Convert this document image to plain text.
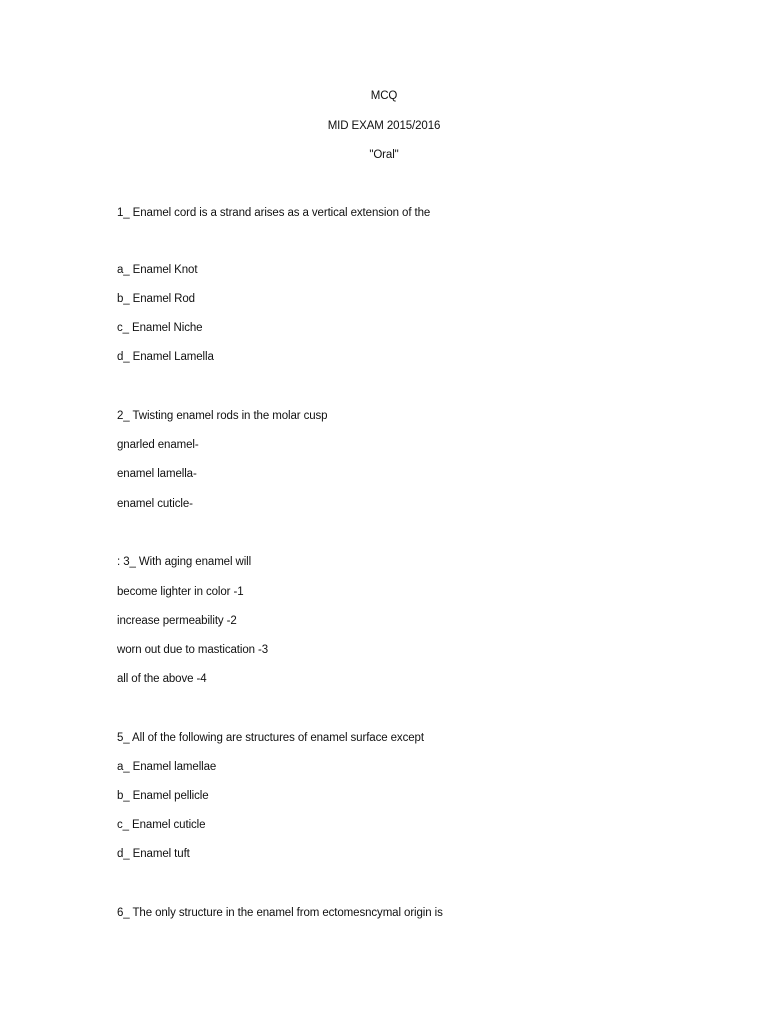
MCQ
MID EXAM 2015/2016
"Oral"
1_ Enamel cord is a strand arises as a vertical extension of the
a_ Enamel Knot
b_ Enamel Rod
c_ Enamel Niche
d_ Enamel Lamella
2_ Twisting enamel rods in the molar cusp
gnarled enamel-
enamel lamella-
enamel cuticle-
: 3_ With aging enamel will
become lighter in color -1
increase permeability -2
worn out due to mastication -3
all of the above -4
5_ All of the following are structures of enamel surface except
a_ Enamel lamellae
b_ Enamel pellicle
c_ Enamel cuticle
d_ Enamel tuft
6_ The only structure in the enamel from ectomesncymal origin is
